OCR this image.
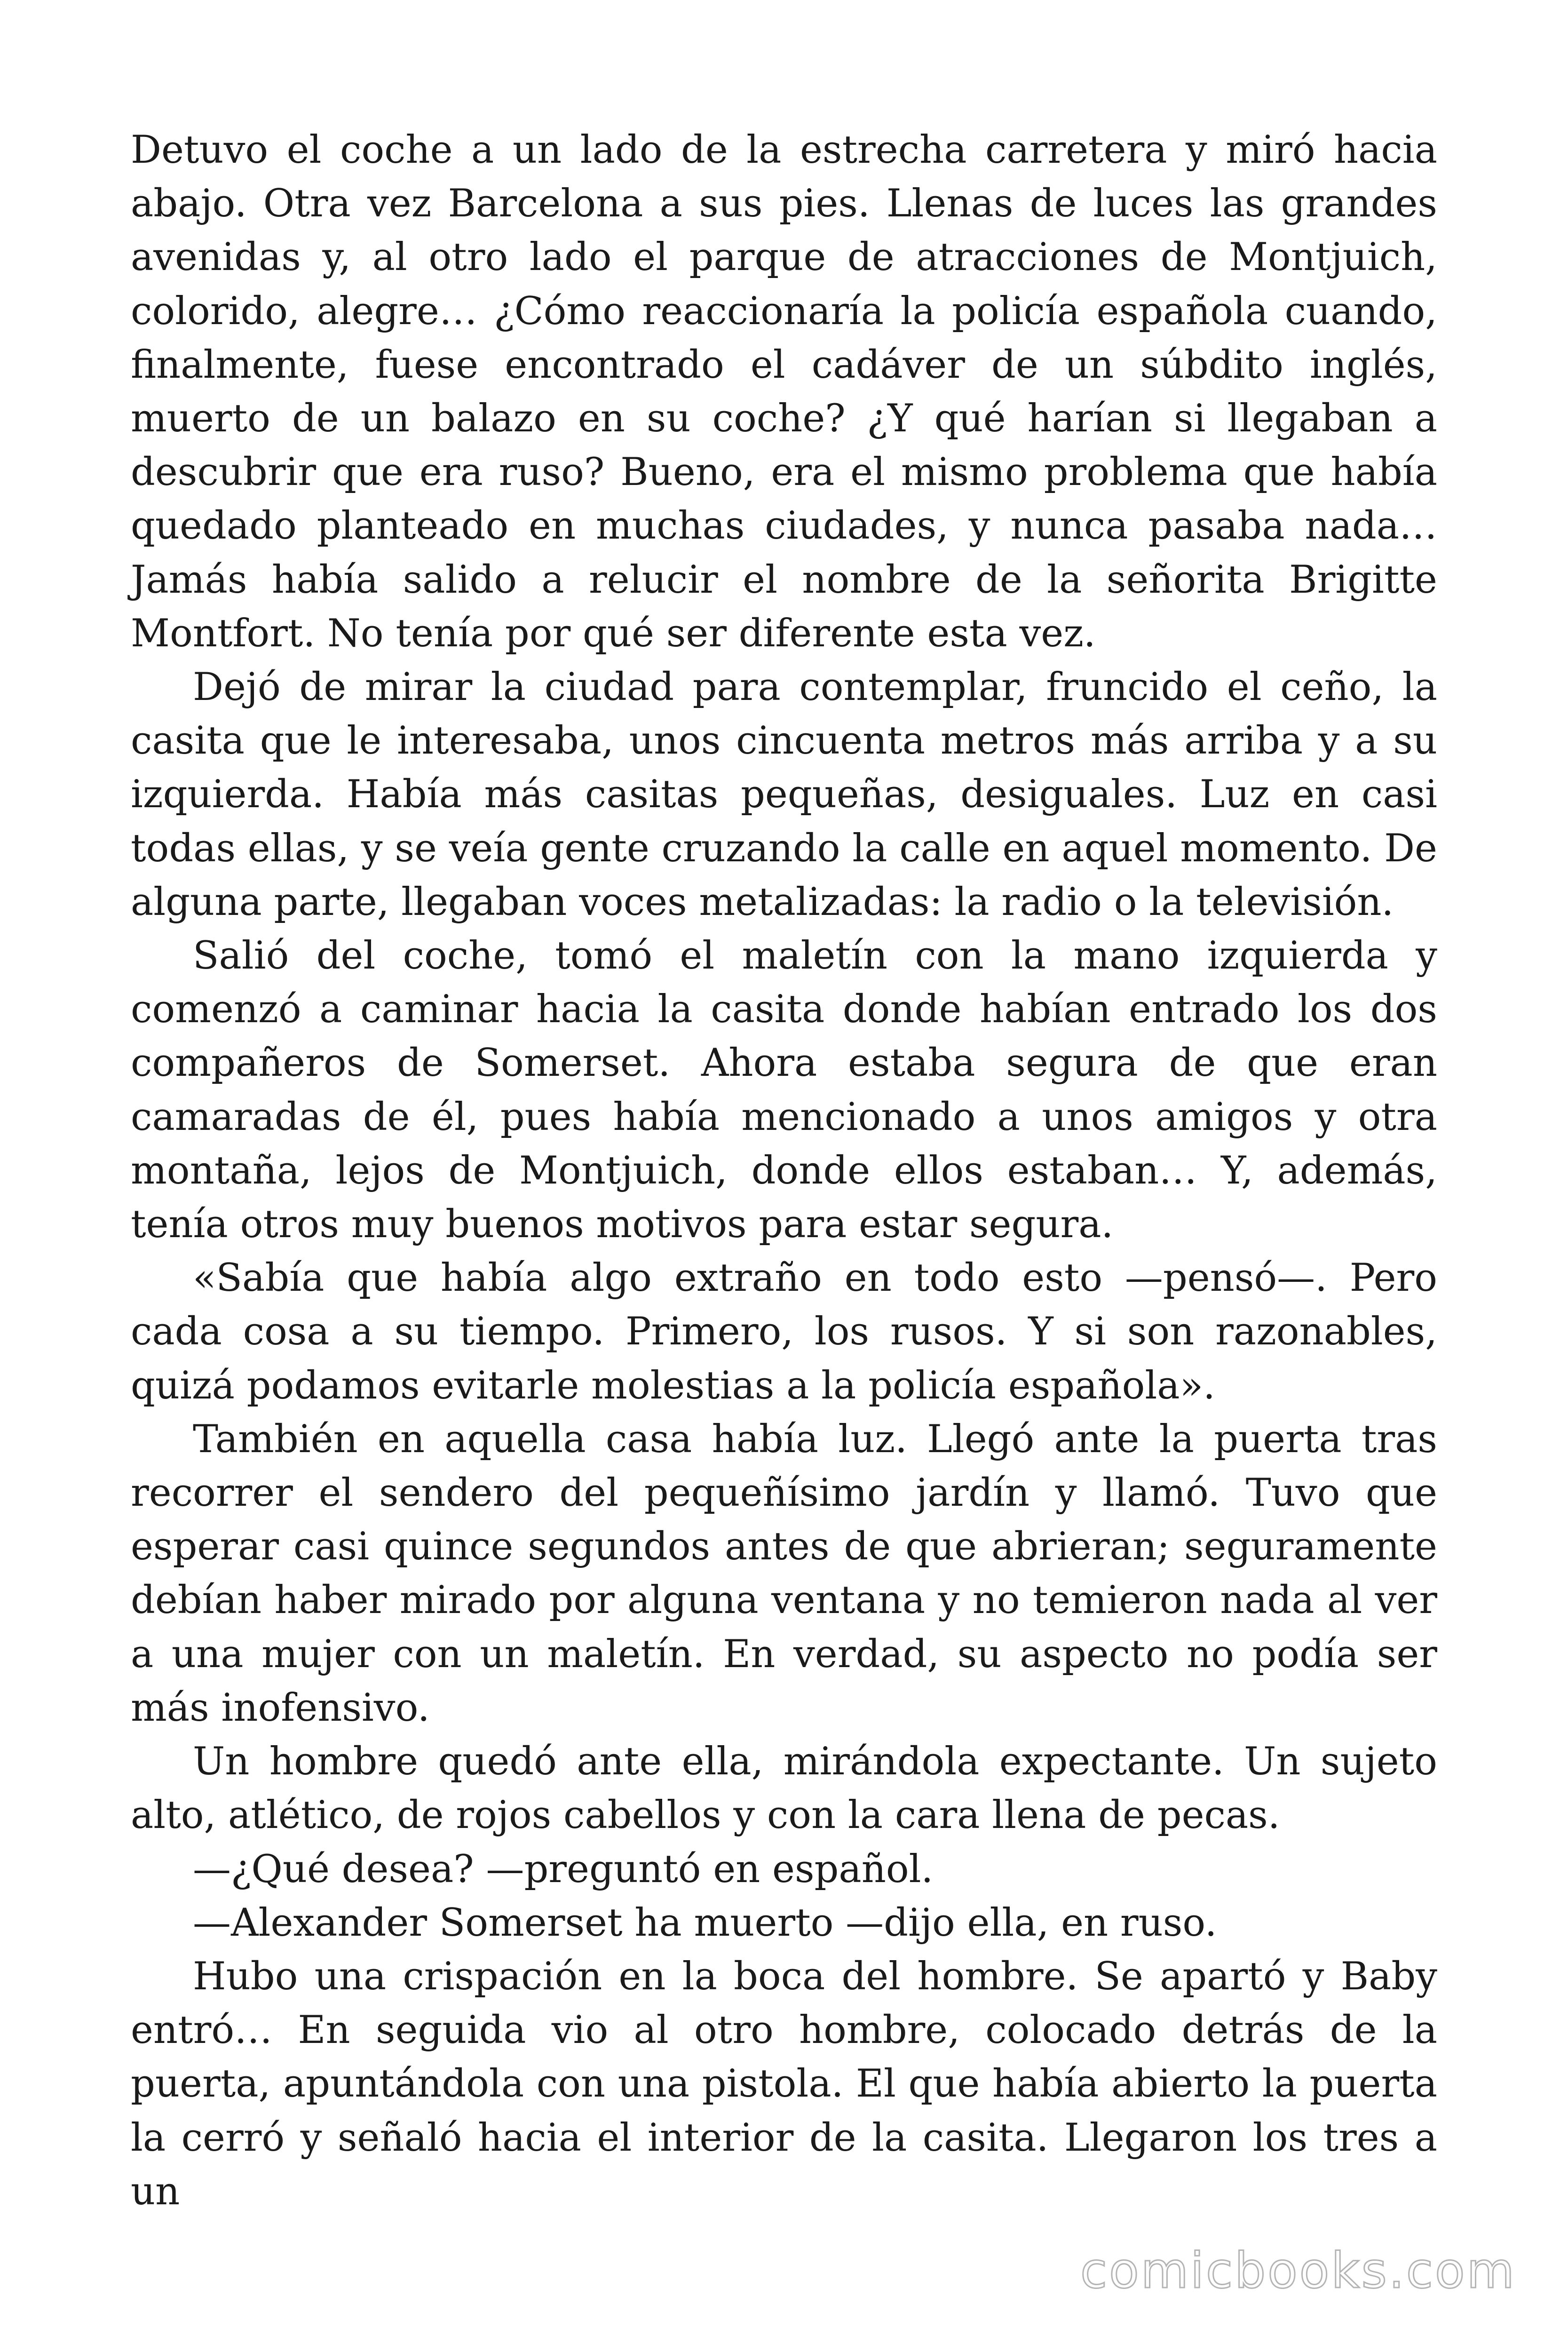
Detuvo el coche a un lado de la estrecha carretera y miró hacia abajo. Otra vez Barcelona a sus pies. Llenas de luces las grandes avenidas y, al otro lado el parque de atracciones de Montjuich, colorido, alegre… ¿Cómo reaccionaría la policía española cuando, finalmente, fuese encontrado el cadáver de un súbdito inglés, muerto de un balazo en su coche? ¿Y qué harían si llegaban a descubrir que era ruso? Bueno, era el mismo problema que había quedado planteado en muchas ciudades, y nunca pasaba nada… Jamás había salido a relucir el nombre de la señorita Brigitte Montfort. No tenía por qué ser diferente esta vez.

Dejó de mirar la ciudad para contemplar, fruncido el ceño, la casita que le interesaba, unos cincuenta metros más arriba y a su izquierda. Había más casitas pequeñas, desiguales. Luz en casi todas ellas, y se veía gente cruzando la calle en aquel momento. De alguna parte, llegaban voces metalizadas: la radio o la televisión.

Salió del coche, tomó el maletín con la mano izquierda y comenzó a caminar hacia la casita donde habían entrado los dos compañeros de Somerset. Ahora estaba segura de que eran camaradas de él, pues había mencionado a unos amigos y otra montaña, lejos de Montjuich, donde ellos estaban… Y, además, tenía otros muy buenos motivos para estar segura.

«Sabía que había algo extraño en todo esto —pensó—. Pero cada cosa a su tiempo. Primero, los rusos. Y si son razonables, quizá podamos evitarle molestias a la policía española».

También en aquella casa había luz. Llegó ante la puerta tras recorrer el sendero del pequeñísimo jardín y llamó. Tuvo que esperar casi quince segundos antes de que abrieran; seguramente debían haber mirado por alguna ventana y no temieron nada al ver a una mujer con un maletín. En verdad, su aspecto no podía ser más inofensivo.

Un hombre quedó ante ella, mirándola expectante. Un sujeto alto, atlético, de rojos cabellos y con la cara llena de pecas.

—¿Qué desea? —preguntó en español.

—Alexander Somerset ha muerto —dijo ella, en ruso.

Hubo una crispación en la boca del hombre. Se apartó y Baby entró… En seguida vio al otro hombre, colocado detrás de la puerta, apuntándola con una pistola. El que había abierto la puerta la cerró y señaló hacia el interior de la casita. Llegaron los tres a un

comicbooks.com
